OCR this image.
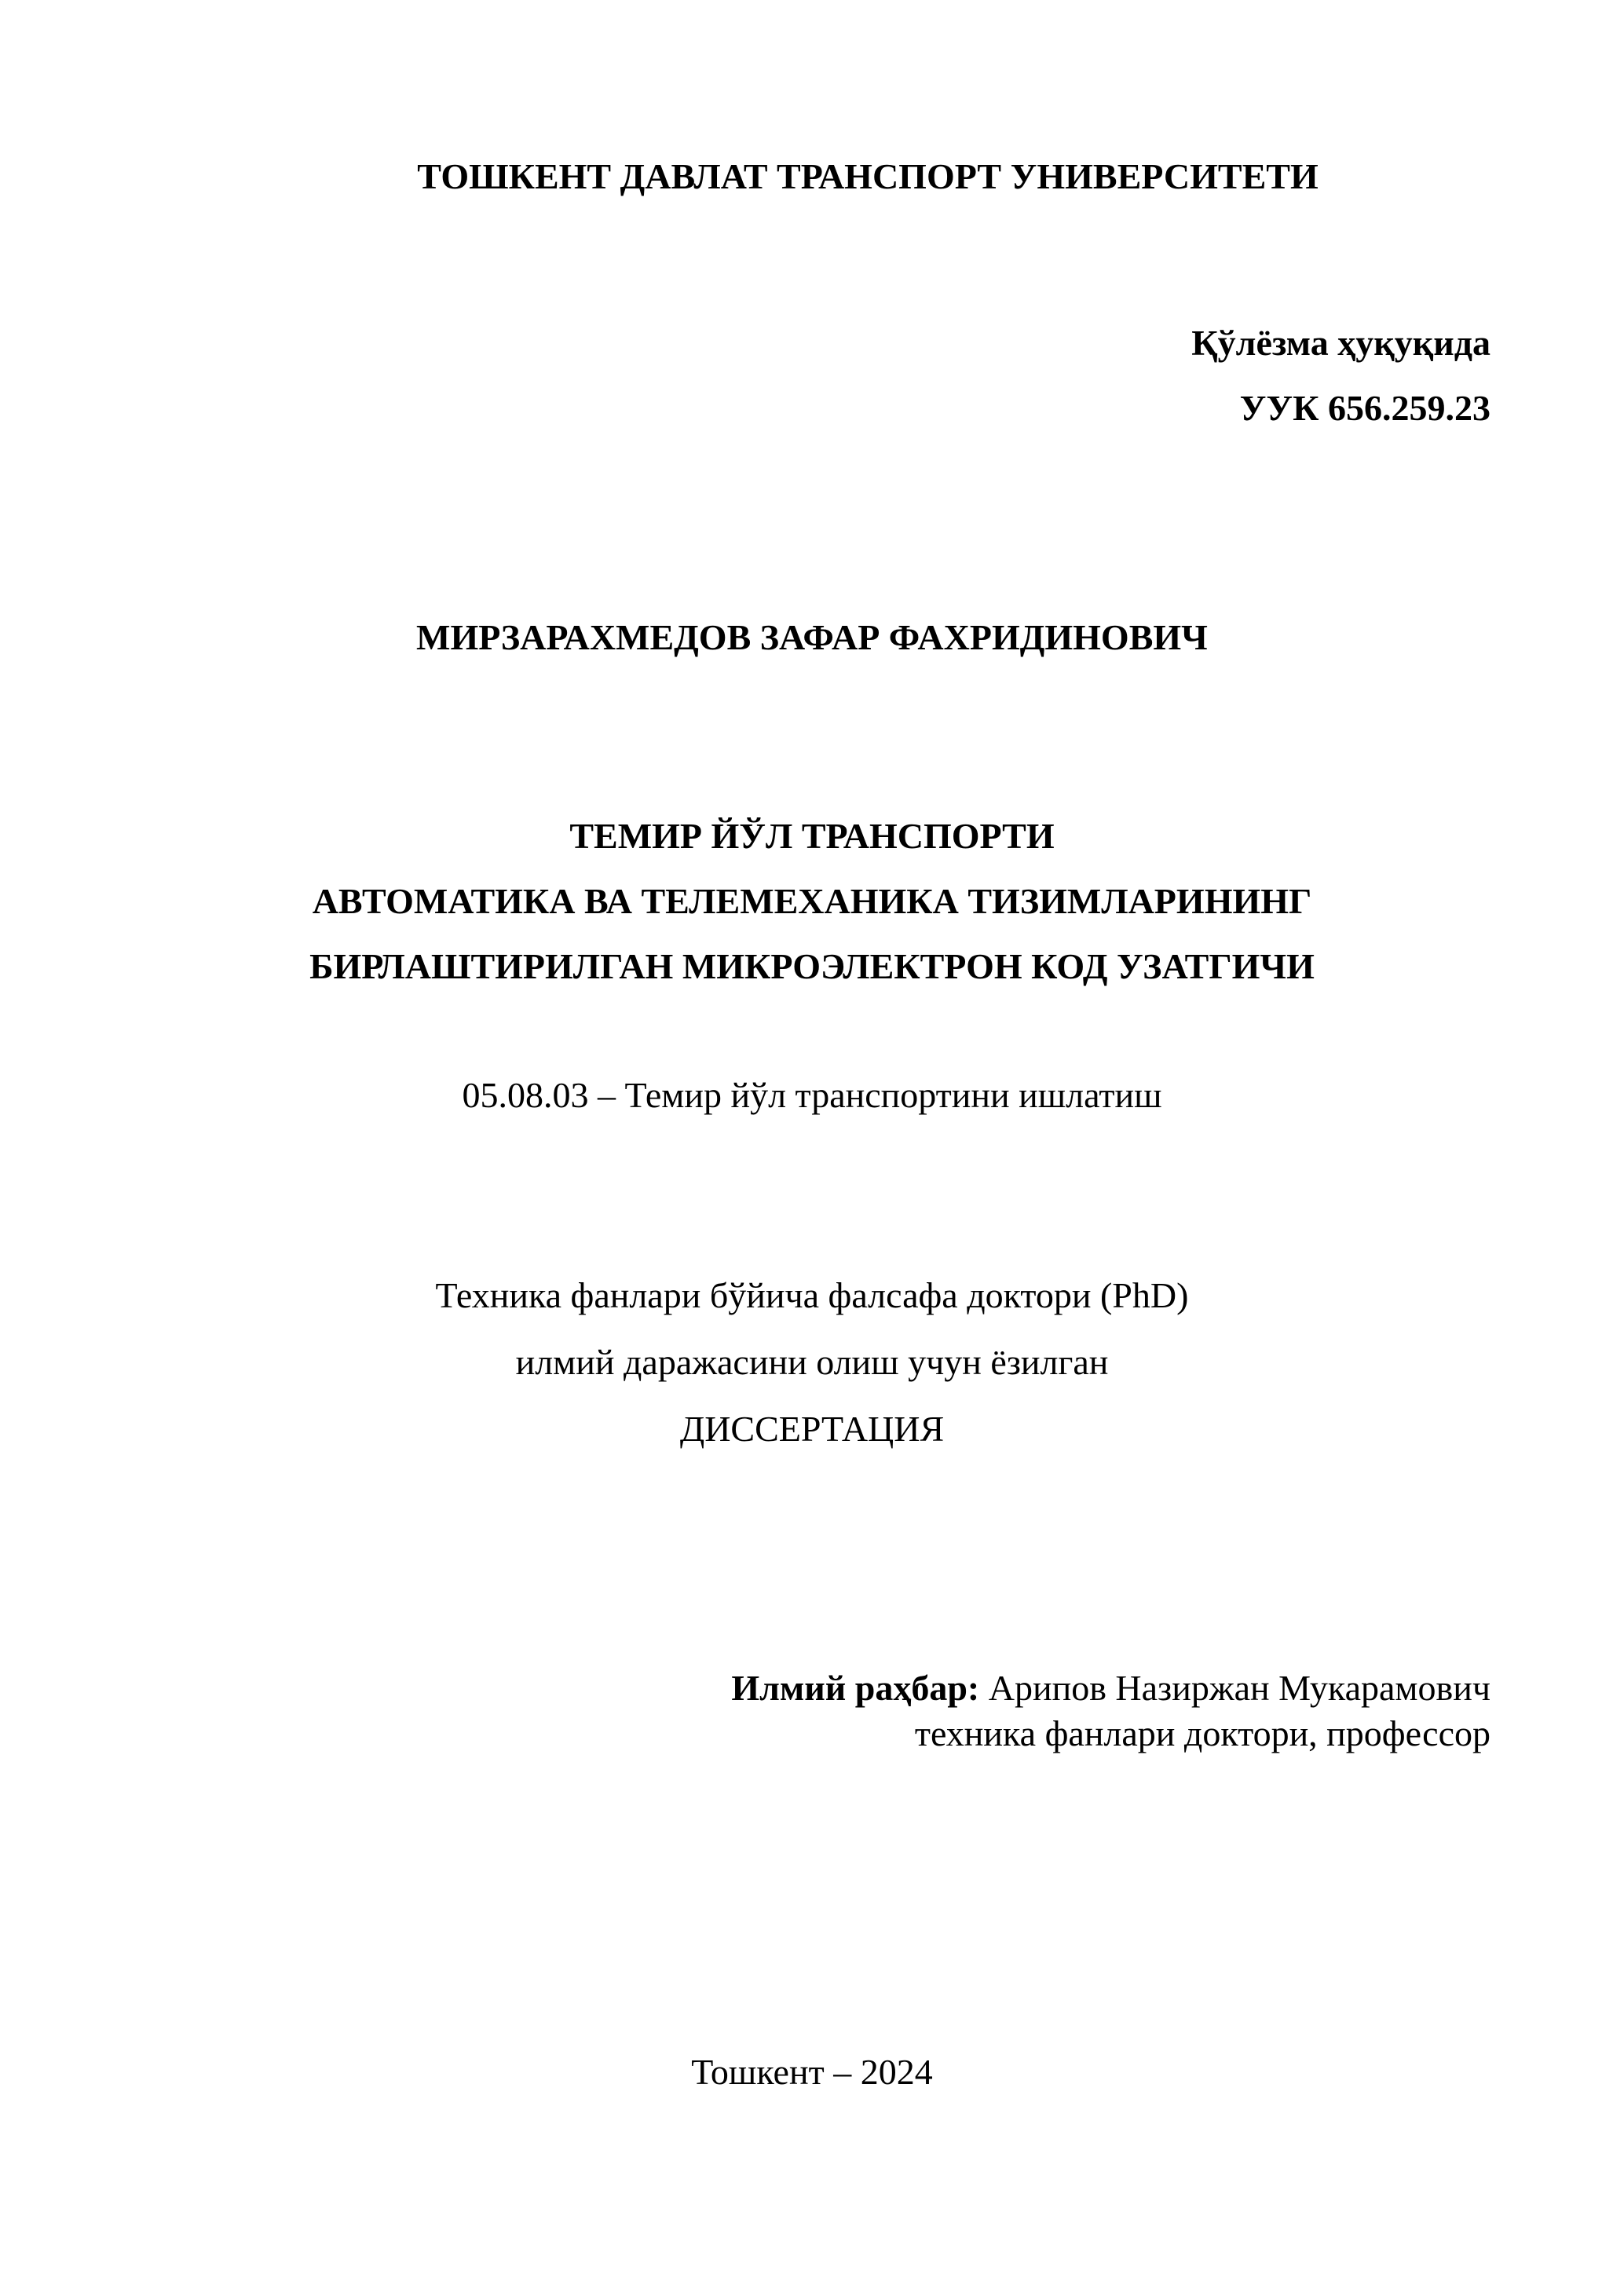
ТОШКЕНТ ДАВЛАТ ТРАНСПОРТ УНИВЕРСИТЕТИ
Қўлёзма ҳуқуқида
УУК 656.259.23
МИРЗАРАХМЕДОВ ЗАФАР ФАХРИДИНОВИЧ
ТЕМИР ЙЎЛ ТРАНСПОРТИ
АВТОМАТИКА ВА ТЕЛЕМЕХАНИКА ТИЗИМЛАРИНИНГ
БИРЛАШТИРИЛГАН МИКРОЭЛЕКТРОН КОД УЗАТГИЧИ
05.08.03 – Темир йўл транспортини ишлатиш
Техника фанлари бўйича фалсафа доктори (PhD)
илмий даражасини олиш учун ёзилган
ДИССЕРТАЦИЯ
Илмий раҳбар: Арипов Назиржан Мукарамович
техника фанлари доктори, профессор
Тошкент – 2024
